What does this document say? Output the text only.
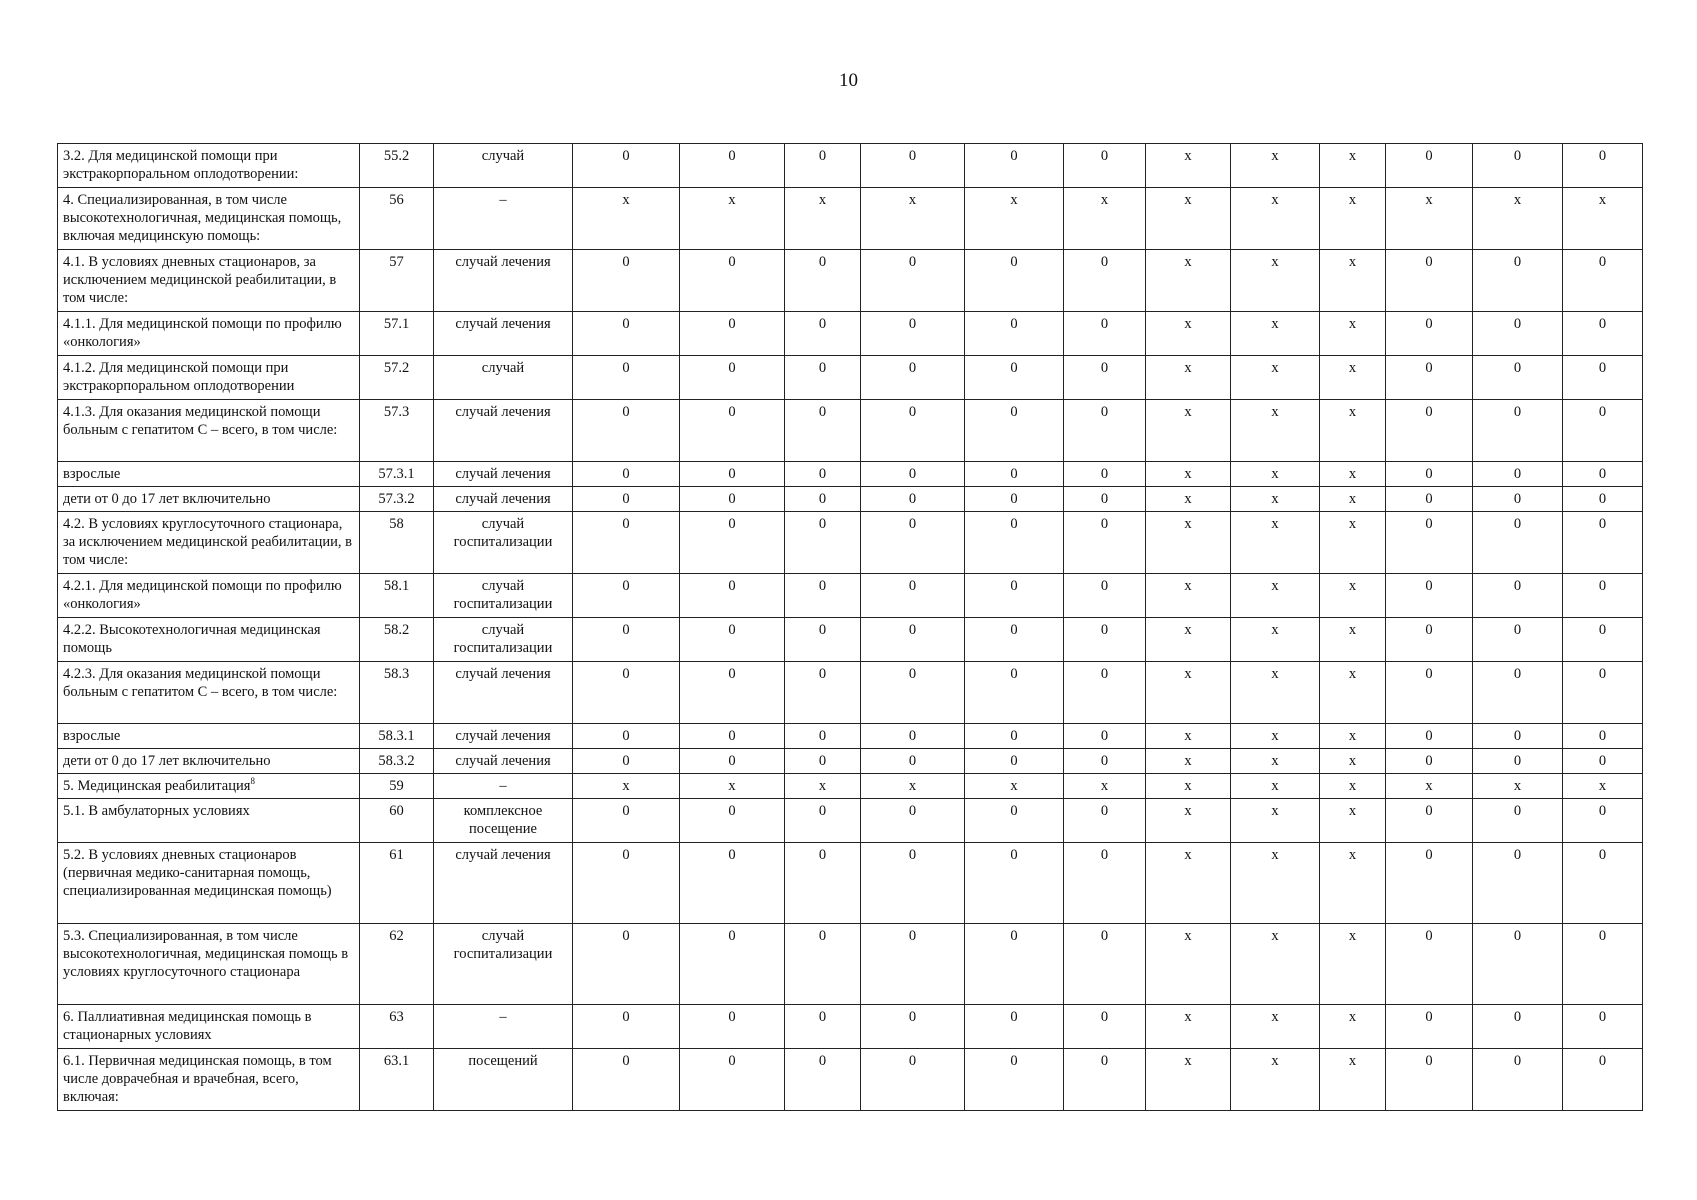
10
3.2. Для медицинской помощи при экстракорпоральном оплодотворении:	55.2	случай	0	0	0	0	0	0	x	x	x	0	0	0
4. Специализированная, в том числе высокотехнологичная, медицинская помощь, включая медицинскую помощь:	56	–	x	x	x	x	x	x	x	x	x	x	x	x
4.1. В условиях дневных стационаров, за исключением медицинской реабилитации, в том числе:	57	случай лечения	0	0	0	0	0	0	x	x	x	0	0	0
4.1.1. Для медицинской помощи по профилю «онкология»	57.1	случай лечения	0	0	0	0	0	0	x	x	x	0	0	0
4.1.2. Для медицинской помощи при экстракорпоральном оплодотворении	57.2	случай	0	0	0	0	0	0	x	x	x	0	0	0
4.1.3. Для оказания медицинской помощи больным с гепатитом С – всего, в том числе:	57.3	случай лечения	0	0	0	0	0	0	x	x	x	0	0	0
взрослые	57.3.1	случай лечения	0	0	0	0	0	0	x	x	x	0	0	0
дети от 0 до 17 лет включительно	57.3.2	случай лечения	0	0	0	0	0	0	x	x	x	0	0	0
4.2. В условиях круглосуточного стационара, за исключением медицинской реабилитации, в том числе:	58	случай госпитализации	0	0	0	0	0	0	x	x	x	0	0	0
4.2.1. Для медицинской помощи по профилю «онкология»	58.1	случай госпитализации	0	0	0	0	0	0	x	x	x	0	0	0
4.2.2. Высокотехнологичная медицинская помощь	58.2	случай госпитализации	0	0	0	0	0	0	x	x	x	0	0	0
4.2.3. Для оказания медицинской помощи больным с гепатитом С – всего, в том числе:	58.3	случай лечения	0	0	0	0	0	0	x	x	x	0	0	0
взрослые	58.3.1	случай лечения	0	0	0	0	0	0	x	x	x	0	0	0
дети от 0 до 17 лет включительно	58.3.2	случай лечения	0	0	0	0	0	0	x	x	x	0	0	0
5. Медицинская реабилитация$^8$	59	–	x	x	x	x	x	x	x	x	x	x	x	x
5.1. В амбулаторных условиях	60	комплексное посещение	0	0	0	0	0	0	x	x	x	0	0	0
5.2. В условиях дневных стационаров (первичная медико-санитарная помощь, специализированная медицинская помощь)	61	случай лечения	0	0	0	0	0	0	x	x	x	0	0	0
5.3. Специализированная, в том числе высокотехнологичная, медицинская помощь в условиях круглосуточного стационара	62	случай госпитализации	0	0	0	0	0	0	x	x	x	0	0	0
6. Паллиативная медицинская помощь в стационарных условиях	63	–	0	0	0	0	0	0	x	x	x	0	0	0
6.1. Первичная медицинская помощь, в том числе доврачебная и врачебная, всего, включая:	63.1	посещений	0	0	0	0	0	0	x	x	x	0	0	0
